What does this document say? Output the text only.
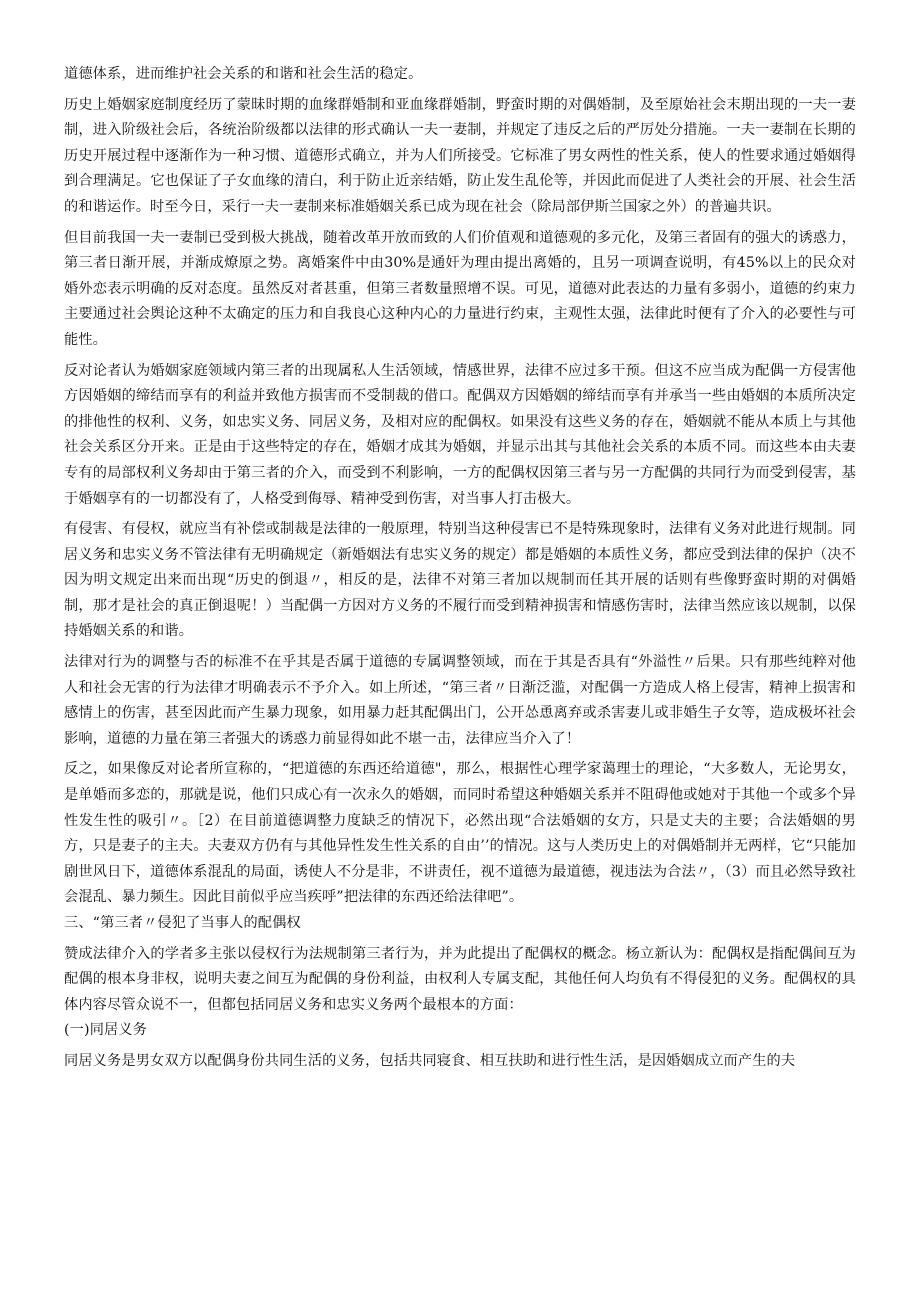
道德体系，进而维护社会关系的和谐和社会生活的稳定。

历史上婚姻家庭制度经历了蒙昧时期的血缘群婚制和亚血缘群婚制，野蛮时期的对偶婚制，及至原始社会末期出现的一夫一妻制，进入阶级社会后，各统治阶级都以法律的形式确认一夫一妻制，并规定了违反之后的严厉处分措施。一夫一妻制在长期的历史开展过程中逐渐作为一种习惯、道德形式确立，并为人们所接受。它标准了男女两性的性关系，使人的性要求通过婚姻得到合理满足。它也保证了子女血缘的清白，利于防止近亲结婚，防止发生乱伦等，并因此而促进了人类社会的开展、社会生活的和谐运作。时至今日，采行一夫一妻制来标准婚姻关系已成为现在社会（除局部伊斯兰国家之外）的普遍共识。

但目前我国一夫一妻制已受到极大挑战，随着改革开放而致的人们价值观和道德观的多元化，及第三者固有的强大的诱惑力，第三者日渐开展，并渐成燎原之势。离婚案件中由30%是通奸为理由提出离婚的，且另一项调查说明，有45%以上的民众对婚外恋表示明确的反对态度。虽然反对者甚重，但第三者数量照增不误。可见，道德对此表达的力量有多弱小，道德的约束力主要通过社会舆论这种不太确定的压力和自我良心这种内心的力量进行约束，主观性太强，法律此时便有了介入的必要性与可能性。

反对论者认为婚姻家庭领域内第三者的出现属私人生活领域，情感世界，法律不应过多干预。但这不应当成为配偶一方侵害他方因婚姻的缔结而享有的利益并致他方损害而不受制裁的借口。配偶双方因婚姻的缔结而享有并承当一些由婚姻的本质所决定的排他性的权利、义务，如忠实义务、同居义务，及相对应的配偶权。如果没有这些义务的存在，婚姻就不能从本质上与其他社会关系区分开来。正是由于这些特定的存在，婚姻才成其为婚姻，并显示出其与其他社会关系的本质不同。而这些本由夫妻专有的局部权利义务却由于第三者的介入，而受到不利影响，一方的配偶权因第三者与另一方配偶的共同行为而受到侵害，基于婚姻享有的一切都没有了，人格受到侮辱、精神受到伤害，对当事人打击极大。

有侵害、有侵权，就应当有补偿或制裁是法律的一般原理，特别当这种侵害已不是特殊现象时，法律有义务对此进行规制。同居义务和忠实义务不管法律有无明确规定（新婚姻法有忠实义务的规定）都是婚姻的本质性义务，都应受到法律的保护（决不因为明文规定出来而出现“历史的倒退〃，相反的是，法律不对第三者加以规制而任其开展的话则有些像野蛮时期的对偶婚制，那才是社会的真正倒退呢！）当配偶一方因对方义务的不履行而受到精神损害和情感伤害时，法律当然应该以规制，以保持婚姻关系的和谐。

法律对行为的调整与否的标准不在乎其是否属于道德的专属调整领域，而在于其是否具有“外溢性〃后果。只有那些纯粹对他人和社会无害的行为法律才明确表示不予介入。如上所述，“第三者〃日渐泛滥，对配偶一方造成人格上侵害，精神上损害和感情上的伤害，甚至因此而产生暴力现象，如用暴力赶其配偶出门，公开怂恿离弃或杀害妻儿或非婚生子女等，造成极坏社会影响，道德的力量在第三者强大的诱惑力前显得如此不堪一击，法律应当介入了！

反之，如果像反对论者所宣称的，“把道德的东西还给道德"，那么，根据性心理学家蔼理士的理论，“大多数人，无论男女，是单婚而多恋的，那就是说，他们只成心有一次永久的婚姻，而同时希望这种婚姻关系并不阻碍他或她对于其他一个或多个异性发生性的吸引〃。［2）在目前道德调整力度缺乏的情况下，必然出现“合法婚姻的女方，只是丈夫的主要；合法婚姻的男方，只是妻子的主夫。夫妻双方仍有与其他异性发生性关系的自由’’的情况。这与人类历史上的对偶婚制并无两样，它“只能加剧世风日下，道德体系混乱的局面，诱使人不分是非，不讲责任，视不道德为最道德，视违法为合法〃，（3）而且必然导致社会混乱、暴力频生。因此目前似乎应当疾呼”把法律的东西还给法律吧”。

三、“第三者〃侵犯了当事人的配偶权

赞成法律介入的学者多主张以侵权行为法规制第三者行为，并为此提出了配偶权的概念。杨立新认为：配偶权是指配偶间互为配偶的根本身非权，说明夫妻之间互为配偶的身份利益，由权利人专属支配，其他任何人均负有不得侵犯的义务。配偶权的具体内容尽管众说不一，但都包括同居义务和忠实义务两个最根本的方面：

(一)同居义务

同居义务是男女双方以配偶身份共同生活的义务，包括共同寝食、相互扶助和进行性生活，是因婚姻成立而产生的夫
